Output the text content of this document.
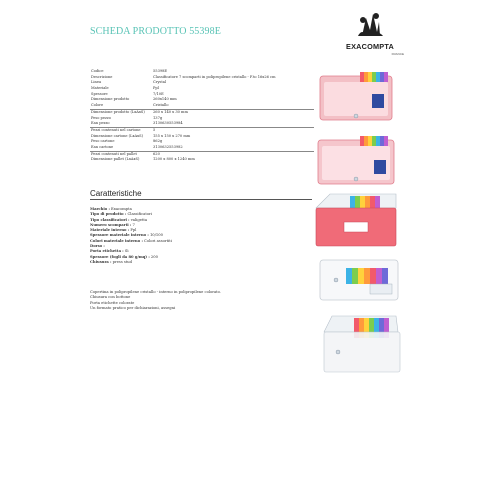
SCHEDA PRODOTTO 55398E
EXACOMPTA
FRANCE
Codice	55398E
Descrizione	Classificatore 7 scomparti in polipropilene cristallo - F.to 16x26 cm
Linea	Crystal
Materiale	Ppl
Spessore	7/10E
Dimensione prodotto	260x140 mm
Colore	Cristallo
Dimensione prodotto (LxAxS)	260 x 140 x 30 mm
Peso pezzo	137g
Ean pezzo	3130630553984
Pezzi contenuti nel cartone	5
Dimensione cartone (LxAxS)	155 x 150 x 270 mm
Peso cartone	862g
Ean cartone	3130632553982
Pezzi contenuti nel pallet	620
Dimensione pallet (LxAxS)	1200 x 800 x 1240 mm
Caratteristiche
Marchio : Exacompta
Tipo di prodotto : Classificatori
Tipo classificatori : valigetta
Numero scomparti : 7
Materiale interno : Ppl
Spessore materiale interno : 10/100
Colori materiale interno : Colori assortiti
Dorso :
Porta etichetta : Sì
Spessore (fogli da 80 g/mq) : 200
Chiusura : press stud
Copertina in polipropilene cristallo - interno in polipropilene colorato.
Chiusura con bottone
Porta etichette colorate
Un formato pratico per dichiarazioni, assegni
